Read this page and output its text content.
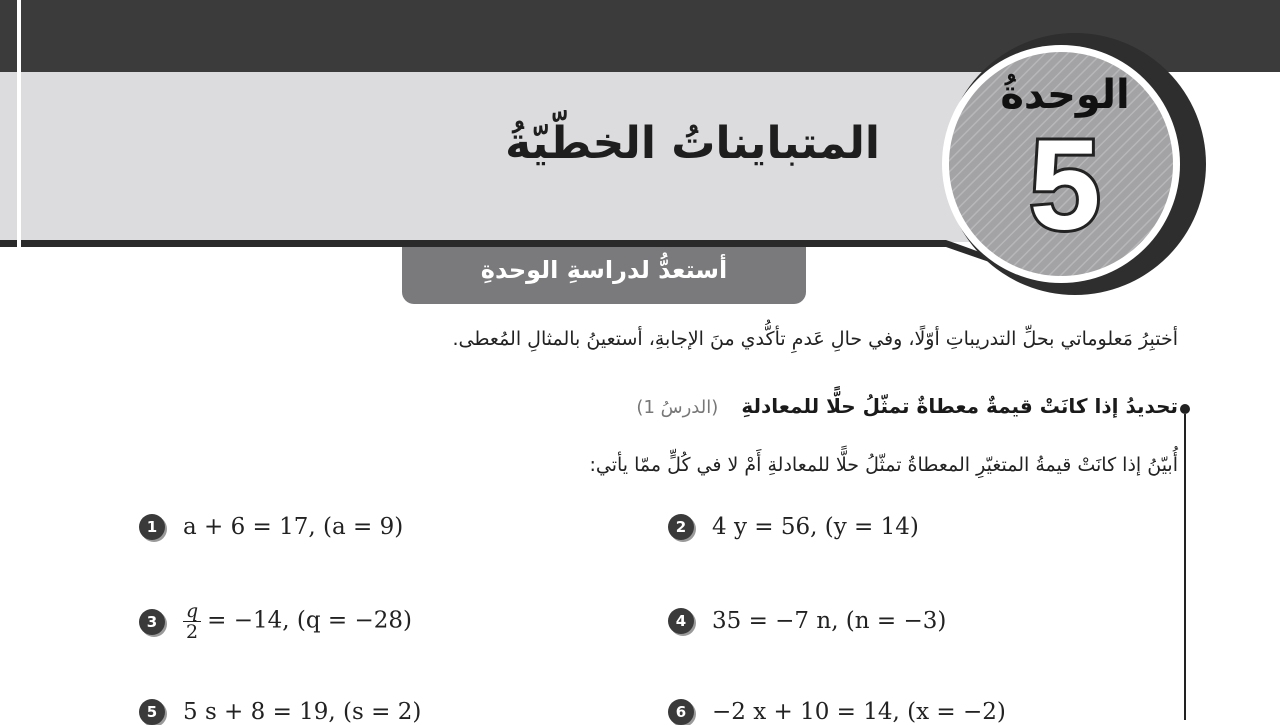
الوحدةُ
5
المتبايناتُ الخطّيّةُ
أستعدُّ لدراسةِ الوحدةِ
أختبِرُ مَعلوماتي بحلِّ التدريباتِ أوّلًا، وفي حالِ عَدمِ تأكُّدي منَ الإجابةِ، أستعينُ بالمثالِ المُعطى.
تحديدُ إذا كانَتْ قيمةٌ معطاةٌ تمثّلُ حلًّا للمعادلةِ (الدرسُ 1)
أُبيّنُ إذا كانَتْ قيمةُ المتغيّرِ المعطاةُ تمثّلُ حلًّا للمعادلةِ أَمْ لا في كُلٍّ ممّا يأتي:
1	a + 6 = 17, (a = 9)	2	4 y = 56, (y = 14)
3	$\frac{q}{2} = -14$, (q = −28)	4	35 = −7 n, (n = −3)
5	5 s + 8 = 19, (s = 2)	6	−2 x + 10 = 14, (x = −2)
